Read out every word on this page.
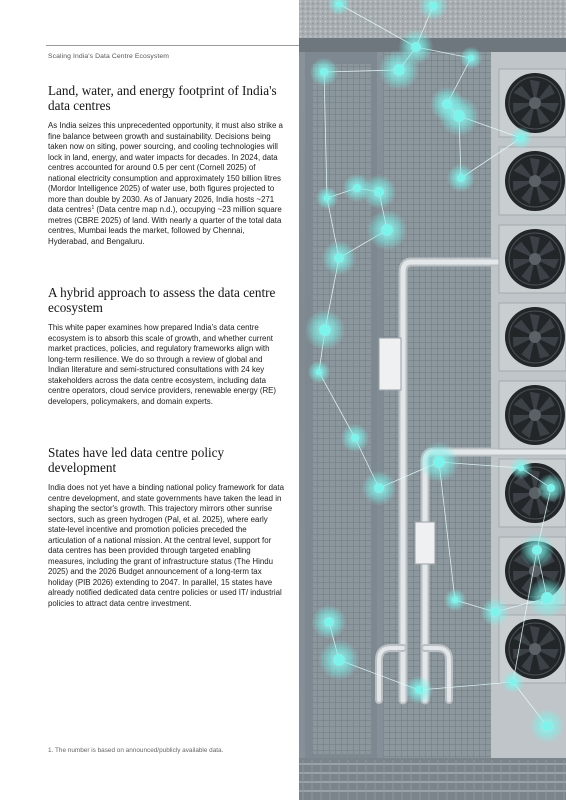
Scaling India's Data Centre Ecosystem
Land, water, and energy footprint of India's data centres

As India seizes this unprecedented opportunity, it must also strike a fine balance between growth and sustainability. Decisions being taken now on siting, power sourcing, and cooling technologies will lock in land, energy, and water impacts for decades. In 2024, data centres accounted for around 0.5 per cent (Cornell 2025) of national electricity consumption and approximately 150 billion litres (Mordor Intelligence 2025) of water use, both figures projected to more than double by 2030. As of January 2026, India hosts ~271 data centres$^1$ (Data centre map n.d.), occupying ~23 million square metres (CBRE 2025) of land. With nearly a quarter of the total data centres, Mumbai leads the market, followed by Chennai, Hyderabad, and Bengaluru.

A hybrid approach to assess the data centre ecosystem

This white paper examines how prepared India's data centre ecosystem is to absorb this scale of growth, and whether current market practices, policies, and regulatory frameworks align with long-term resilience. We do so through a review of global and Indian literature and semi-structured consultations with 24 key stakeholders across the data centre ecosystem, including data centre operators, cloud service providers, renewable energy (RE) developers, policymakers, and domain experts.

States have led data centre policy development

India does not yet have a binding national policy framework for data centre development, and state governments have taken the lead in shaping the sector's growth. This trajectory mirrors other sunrise sectors, such as green hydrogen (Pal, et al. 2025), where early state-level incentive and promotion policies preceded the articulation of a national mission. At the central level, support for data centres has been provided through targeted enabling measures, including the grant of infrastructure status (The Hindu 2025) and the 2026 Budget announcement of a long-term tax holiday (PIB 2026) extending to 2047. In parallel, 15 states have already notified dedicated data centre policies or used IT/ industrial policies to attract data centre investment.

1. The number is based on announced/publicly available data.
